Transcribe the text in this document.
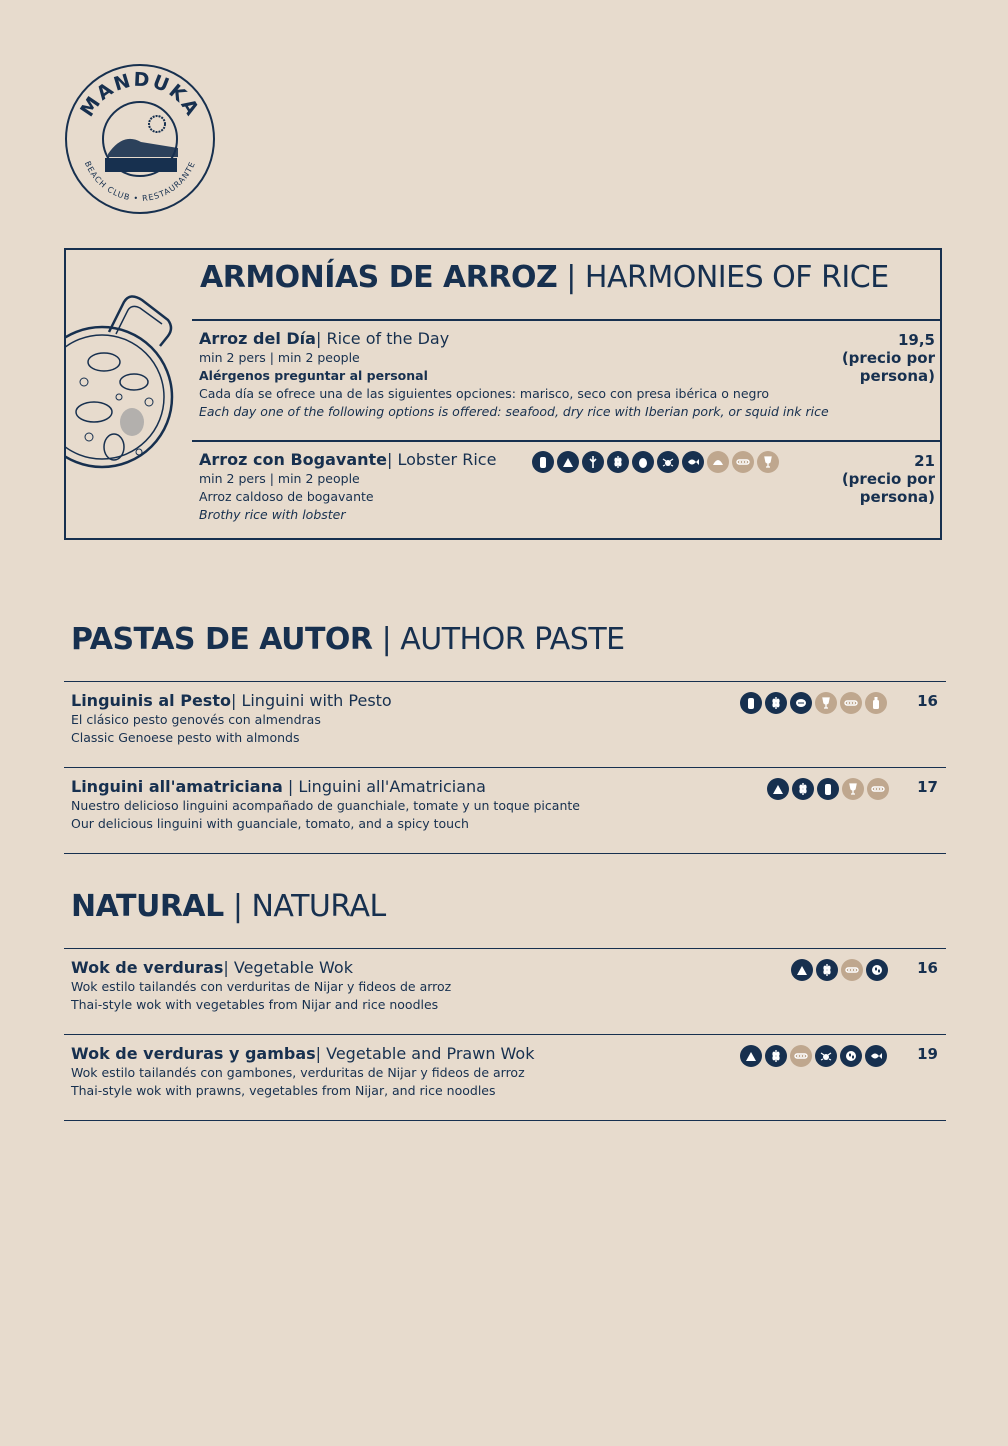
MANDUKA
BEACH CLUB • RESTAURANTE
ARMONÍAS DE ARROZ | HARMONIES OF RICE
Arroz del Día| Rice of the Day
min 2 pers | min 2 people
Alérgenos preguntar al personal
Cada día se ofrece una de las siguientes opciones: marisco, seco con presa ibérica o negro
Each day one of the following options is offered: seafood, dry rice with Iberian pork, or squid ink rice
19,5
(precio por
persona)
Arroz con Bogavante| Lobster Rice
min 2 pers | min 2 people
Arroz caldoso de bogavante
Brothy rice with lobster
21
(precio por
persona)
PASTAS DE AUTOR | AUTHOR PASTE
Linguinis al Pesto| Linguini with Pesto
El clásico pesto genovés con almendras
Classic Genoese pesto with almonds
16
Linguini all'amatriciana | Linguini all'Amatriciana
Nuestro delicioso linguini acompañado de guanchiale, tomate y un toque picante
Our delicious linguini with guanciale, tomato, and a spicy touch
17
NATURAL | NATURAL
Wok de verduras| Vegetable Wok
Wok estilo tailandés con verduritas de Nijar y fideos de arroz
Thai-style wok with vegetables from Nijar and rice noodles
16
Wok de verduras y gambas| Vegetable and Prawn Wok
Wok estilo tailandés con gambones, verduritas de Nijar y fideos de arroz
Thai-style wok with prawns, vegetables from Nijar, and rice noodles
19
